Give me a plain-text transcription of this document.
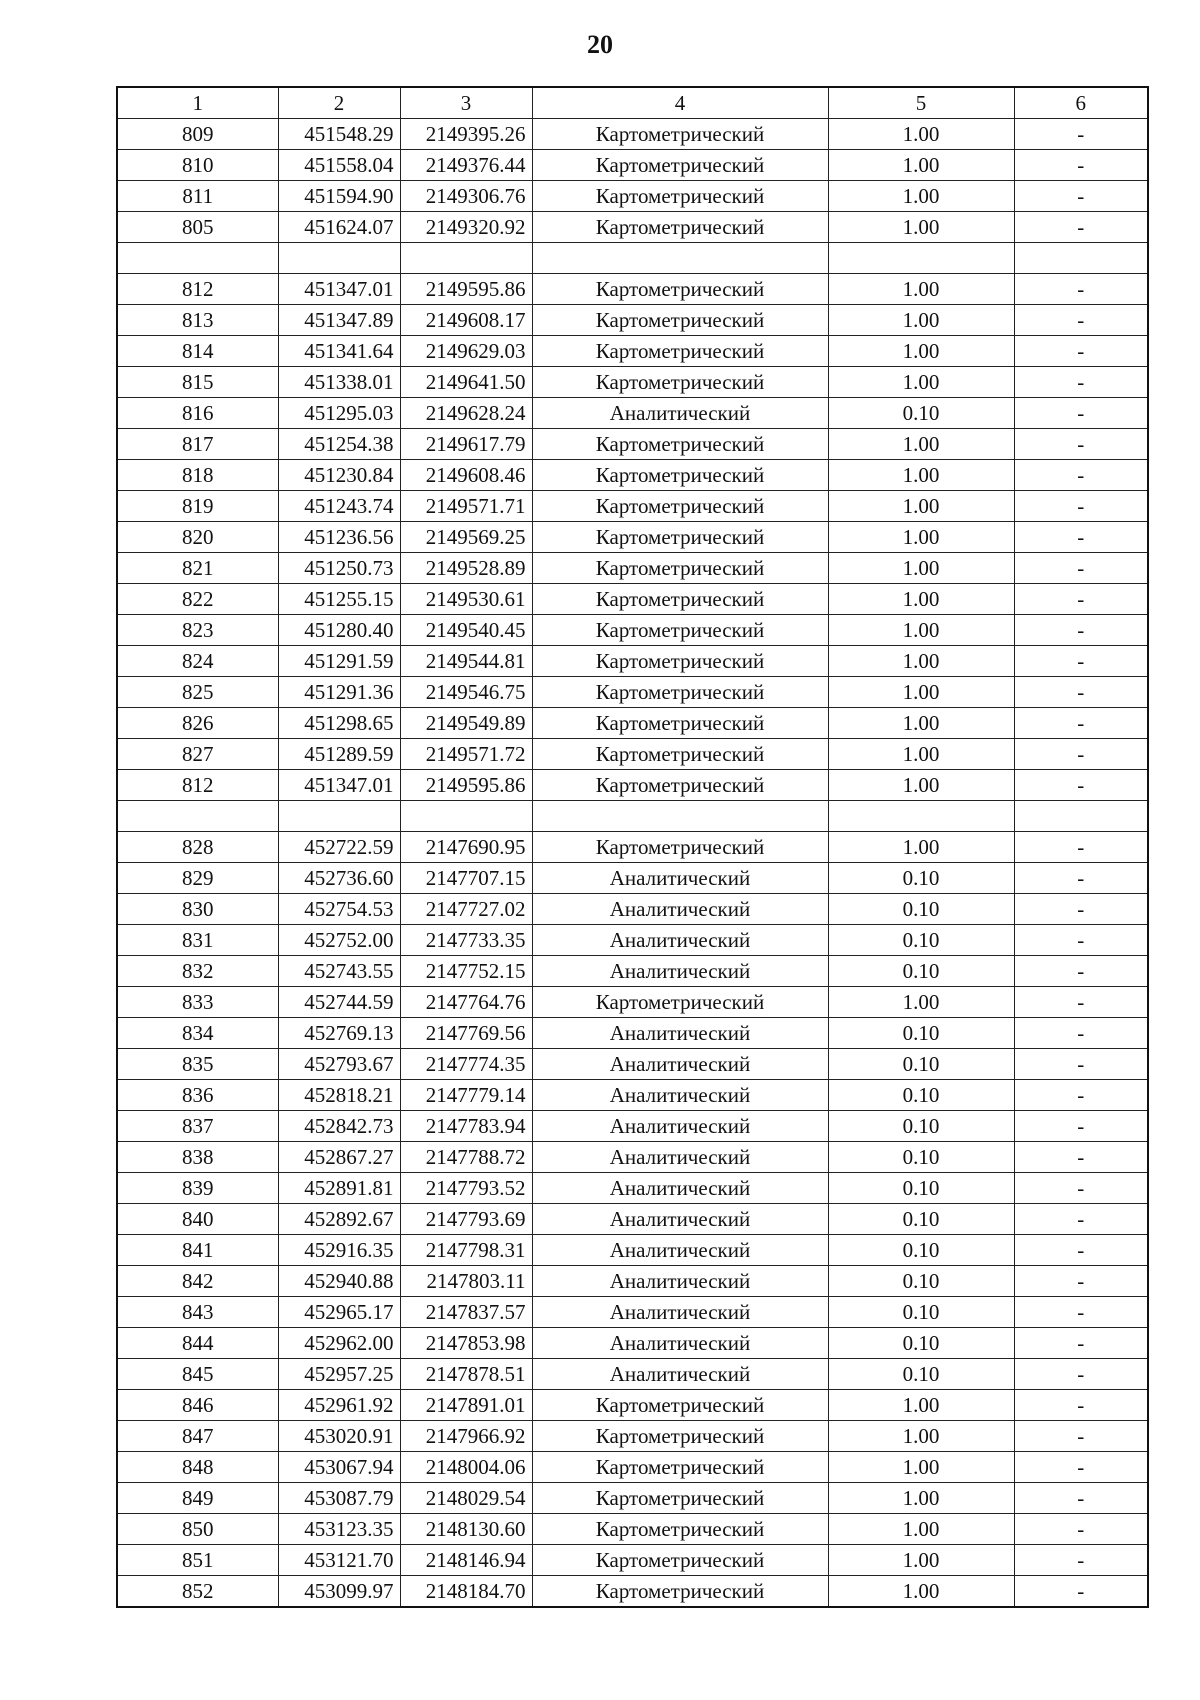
20
1	2	3	4	5	6
809	451548.29	2149395.26	Картометрический	1.00	-
810	451558.04	2149376.44	Картометрический	1.00	-
811	451594.90	2149306.76	Картометрический	1.00	-
805	451624.07	2149320.92	Картометрический	1.00	-

812	451347.01	2149595.86	Картометрический	1.00	-
813	451347.89	2149608.17	Картометрический	1.00	-
814	451341.64	2149629.03	Картометрический	1.00	-
815	451338.01	2149641.50	Картометрический	1.00	-
816	451295.03	2149628.24	Аналитический	0.10	-
817	451254.38	2149617.79	Картометрический	1.00	-
818	451230.84	2149608.46	Картометрический	1.00	-
819	451243.74	2149571.71	Картометрический	1.00	-
820	451236.56	2149569.25	Картометрический	1.00	-
821	451250.73	2149528.89	Картометрический	1.00	-
822	451255.15	2149530.61	Картометрический	1.00	-
823	451280.40	2149540.45	Картометрический	1.00	-
824	451291.59	2149544.81	Картометрический	1.00	-
825	451291.36	2149546.75	Картометрический	1.00	-
826	451298.65	2149549.89	Картометрический	1.00	-
827	451289.59	2149571.72	Картометрический	1.00	-
812	451347.01	2149595.86	Картометрический	1.00	-

828	452722.59	2147690.95	Картометрический	1.00	-
829	452736.60	2147707.15	Аналитический	0.10	-
830	452754.53	2147727.02	Аналитический	0.10	-
831	452752.00	2147733.35	Аналитический	0.10	-
832	452743.55	2147752.15	Аналитический	0.10	-
833	452744.59	2147764.76	Картометрический	1.00	-
834	452769.13	2147769.56	Аналитический	0.10	-
835	452793.67	2147774.35	Аналитический	0.10	-
836	452818.21	2147779.14	Аналитический	0.10	-
837	452842.73	2147783.94	Аналитический	0.10	-
838	452867.27	2147788.72	Аналитический	0.10	-
839	452891.81	2147793.52	Аналитический	0.10	-
840	452892.67	2147793.69	Аналитический	0.10	-
841	452916.35	2147798.31	Аналитический	0.10	-
842	452940.88	2147803.11	Аналитический	0.10	-
843	452965.17	2147837.57	Аналитический	0.10	-
844	452962.00	2147853.98	Аналитический	0.10	-
845	452957.25	2147878.51	Аналитический	0.10	-
846	452961.92	2147891.01	Картометрический	1.00	-
847	453020.91	2147966.92	Картометрический	1.00	-
848	453067.94	2148004.06	Картометрический	1.00	-
849	453087.79	2148029.54	Картометрический	1.00	-
850	453123.35	2148130.60	Картометрический	1.00	-
851	453121.70	2148146.94	Картометрический	1.00	-
852	453099.97	2148184.70	Картометрический	1.00	-
